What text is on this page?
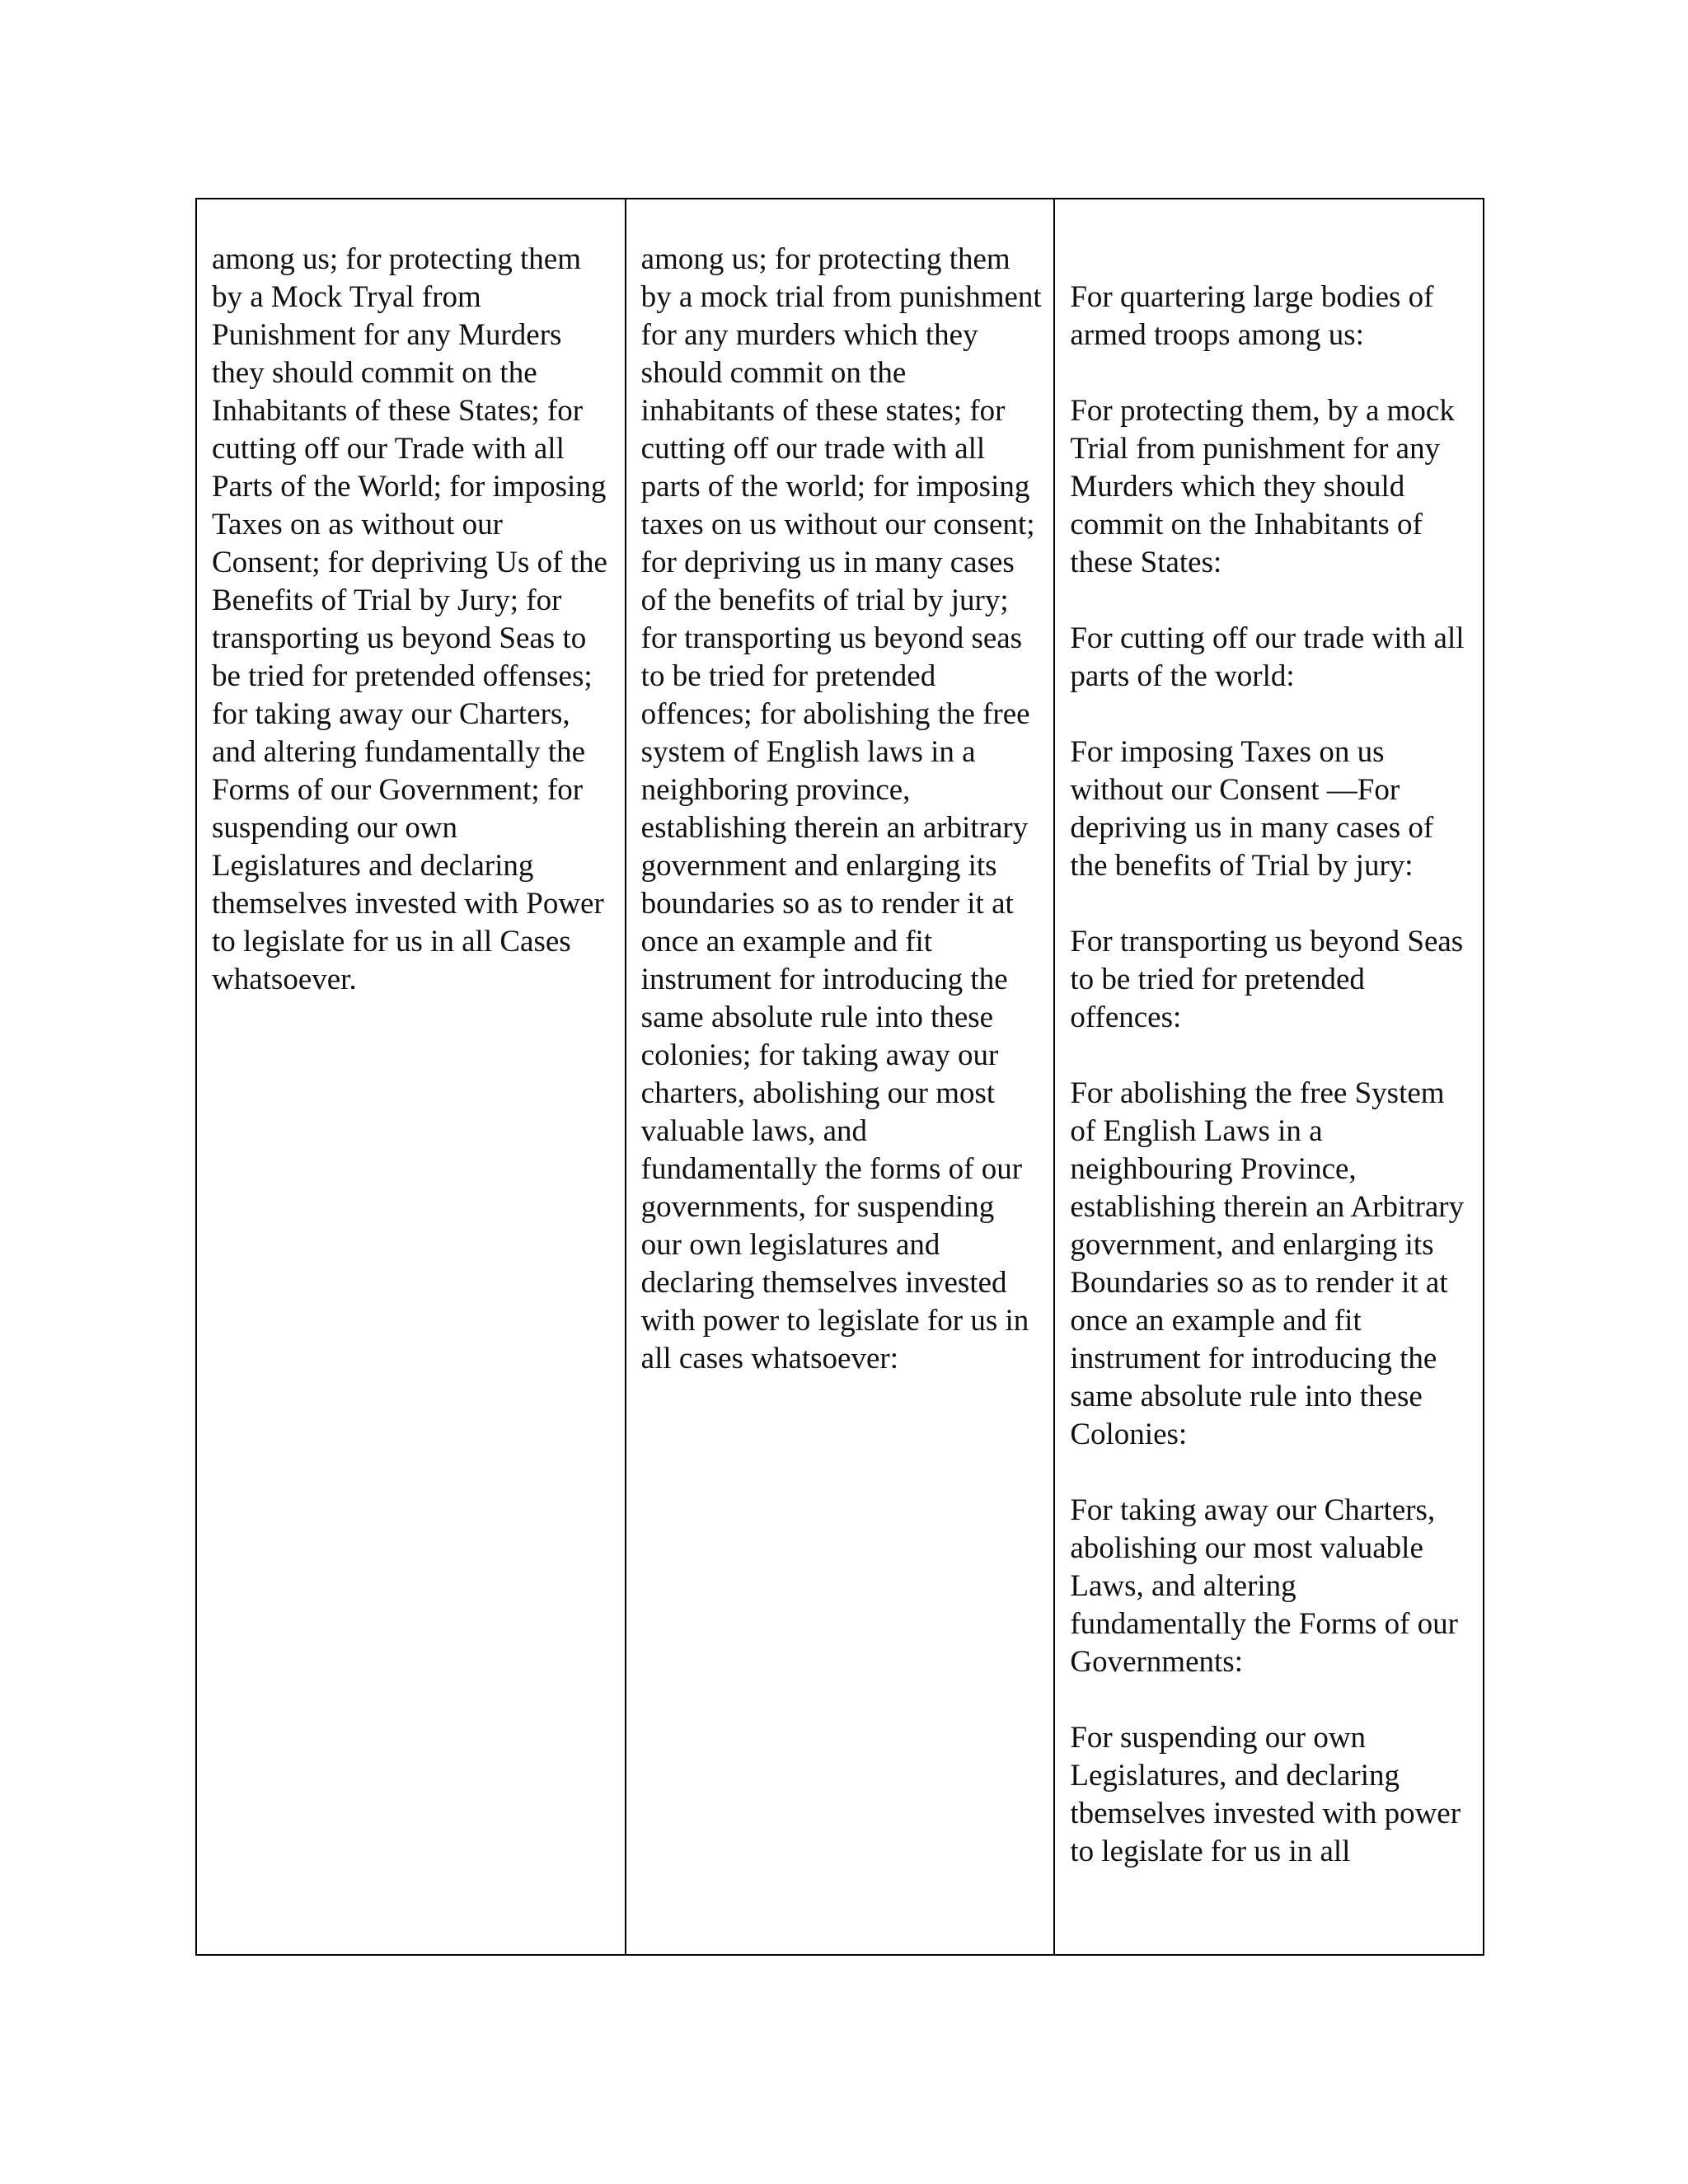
among us; for protecting them by a Mock Tryal from Punishment for any Murders they should commit on the Inhabitants of these States; for cutting off our Trade with all Parts of the World; for imposing Taxes on as without our Consent; for depriving Us of the Benefits of Trial by Jury; for transporting us beyond Seas to be tried for pretended offenses; for taking away our Charters, and altering fundamentally the Forms of our Government; for suspending our own Legislatures and declaring themselves invested with Power to legislate for us in all Cases whatsoever.

among us; for protecting them by a mock trial from punishment for any murders which they should commit on the inhabitants of these states; for cutting off our trade with all parts of the world; for imposing taxes on us without our consent; for depriving us in many cases of the benefits of trial by jury; for transporting us beyond seas to be tried for pretended offences; for abolishing the free system of English laws in a neighboring province, establishing therein an arbitrary government and enlarging its boundaries so as to render it at once an example and fit instrument for introducing the same absolute rule into these colonies; for taking away our charters, abolishing our most valuable laws, and fundamentally the forms of our governments, for suspending our own legislatures and declaring themselves invested with power to legislate for us in all cases whatsoever:

For quartering large bodies of armed troops among us:

For protecting them, by a mock Trial from punishment for any Murders which they should commit on the Inhabitants of these States:

For cutting off our trade with all parts of the world:

For imposing Taxes on us without our Consent —For depriving us in many cases of the benefits of Trial by jury:

For transporting us beyond Seas to be tried for pretended offences:

For abolishing the free System of English Laws in a neighbouring Province, establishing therein an Arbitrary government, and enlarging its Boundaries so as to render it at once an example and fit instrument for introducing the same absolute rule into these Colonies:

For taking away our Charters, abolishing our most valuable Laws, and altering fundamentally the Forms of our Governments:

For suspending our own Legislatures, and declaring tbemselves invested with power to legislate for us in all
